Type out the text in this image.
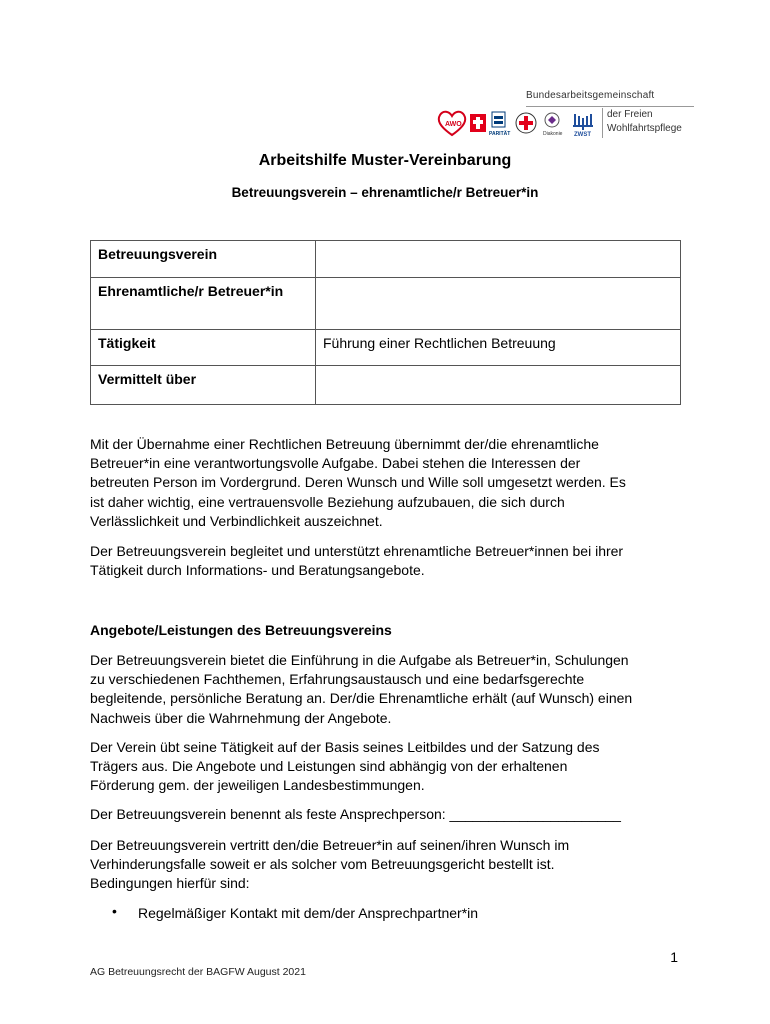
Bundesarbeitsgemeinschaft
AWO
PARITÄT	Diakonie ZWST
der Freien
Wohlfahrtspflege
Arbeitshilfe Muster-Vereinbarung
Betreuungsverein – ehrenamtliche/r Betreuer*in
Betreuungsverein	
Ehrenamtliche/r Betreuer*in	
Tätigkeit	Führung einer Rechtlichen Betreuung
Vermittelt über	
Mit der Übernahme einer Rechtlichen Betreuung übernimmt der/die ehrenamtliche
Betreuer*in eine verantwortungsvolle Aufgabe. Dabei stehen die Interessen der
betreuten Person im Vordergrund. Deren Wunsch und Wille soll umgesetzt werden. Es
ist daher wichtig, eine vertrauensvolle Beziehung aufzubauen, die sich durch
Verlässlichkeit und Verbindlichkeit auszeichnet.
Der Betreuungsverein begleitet und unterstützt ehrenamtliche Betreuer*innen bei ihrer
Tätigkeit durch Informations- und Beratungsangebote.
Angebote/Leistungen des Betreuungsvereins
Der Betreuungsverein bietet die Einführung in die Aufgabe als Betreuer*in, Schulungen
zu verschiedenen Fachthemen, Erfahrungsaustausch und eine bedarfsgerechte
begleitende, persönliche Beratung an. Der/die Ehrenamtliche erhält (auf Wunsch) einen
Nachweis über die Wahrnehmung der Angebote.
Der Verein übt seine Tätigkeit auf der Basis seines Leitbildes und der Satzung des
Trägers aus. Die Angebote und Leistungen sind abhängig von der erhaltenen
Förderung gem. der jeweiligen Landesbestimmungen.
Der Betreuungsverein benennt als feste Ansprechperson: ______________________
Der Betreuungsverein vertritt den/die Betreuer*in auf seinen/ihren Wunsch im
Verhinderungsfalle soweit er als solcher vom Betreuungsgericht bestellt ist.
Bedingungen hierfür sind:
• Regelmäßiger Kontakt mit dem/der Ansprechpartner*in
1
AG Betreuungsrecht der BAGFW August 2021
